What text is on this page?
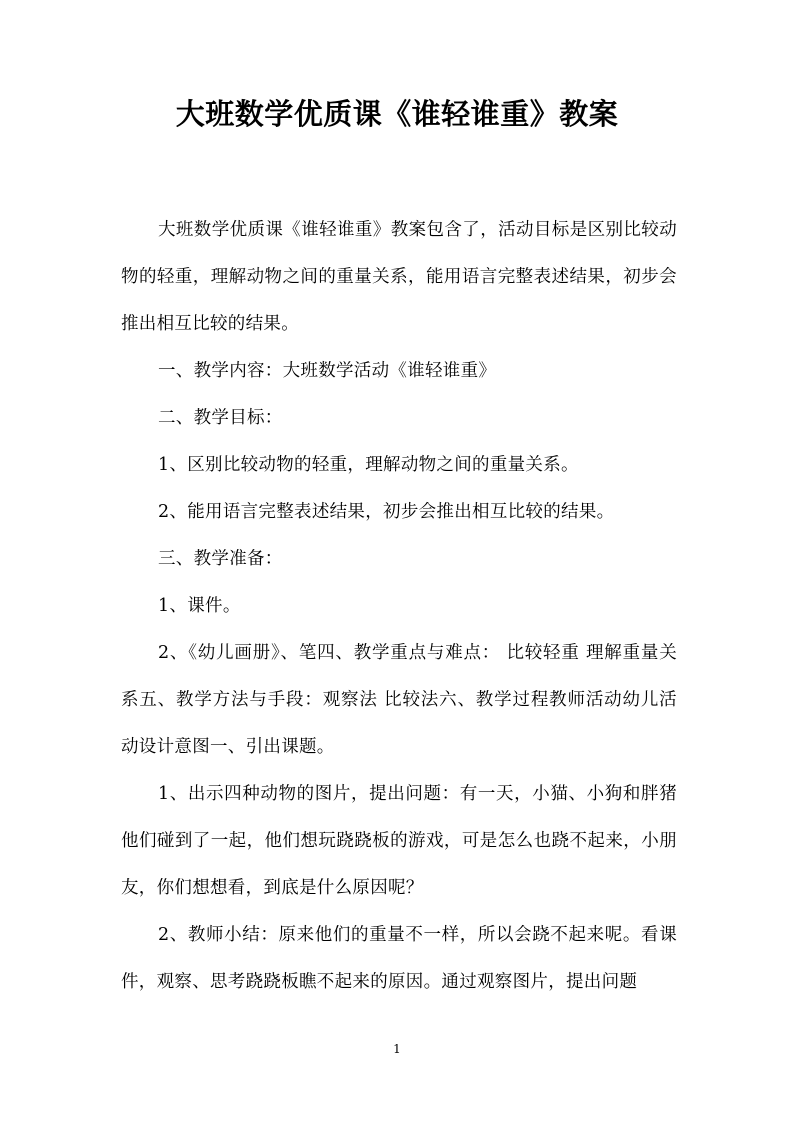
大班数学优质课《谁轻谁重》教案

大班数学优质课《谁轻谁重》教案包含了，活动目标是区别比较动物的轻重，理解动物之间的重量关系，能用语言完整表述结果，初步会推出相互比较的结果。

一、教学内容：大班数学活动《谁轻谁重》

二、教学目标：

1、区别比较动物的轻重，理解动物之间的重量关系。

2、能用语言完整表述结果，初步会推出相互比较的结果。

三、教学准备：

1、课件。

2、《幼儿画册》、笔四、教学重点与难点： 比较轻重 理解重量关系五、教学方法与手段：观察法 比较法六、教学过程教师活动幼儿活动设计意图一、引出课题。

1、出示四种动物的图片，提出问题：有一天，小猫、小狗和胖猪他们碰到了一起，他们想玩跷跷板的游戏，可是怎么也跷不起来，小朋友，你们想想看，到底是什么原因呢？

2、教师小结：原来他们的重量不一样，所以会跷不起来呢。看课件，观察、思考跷跷板瞧不起来的原因。通过观察图片，提出问题

1
